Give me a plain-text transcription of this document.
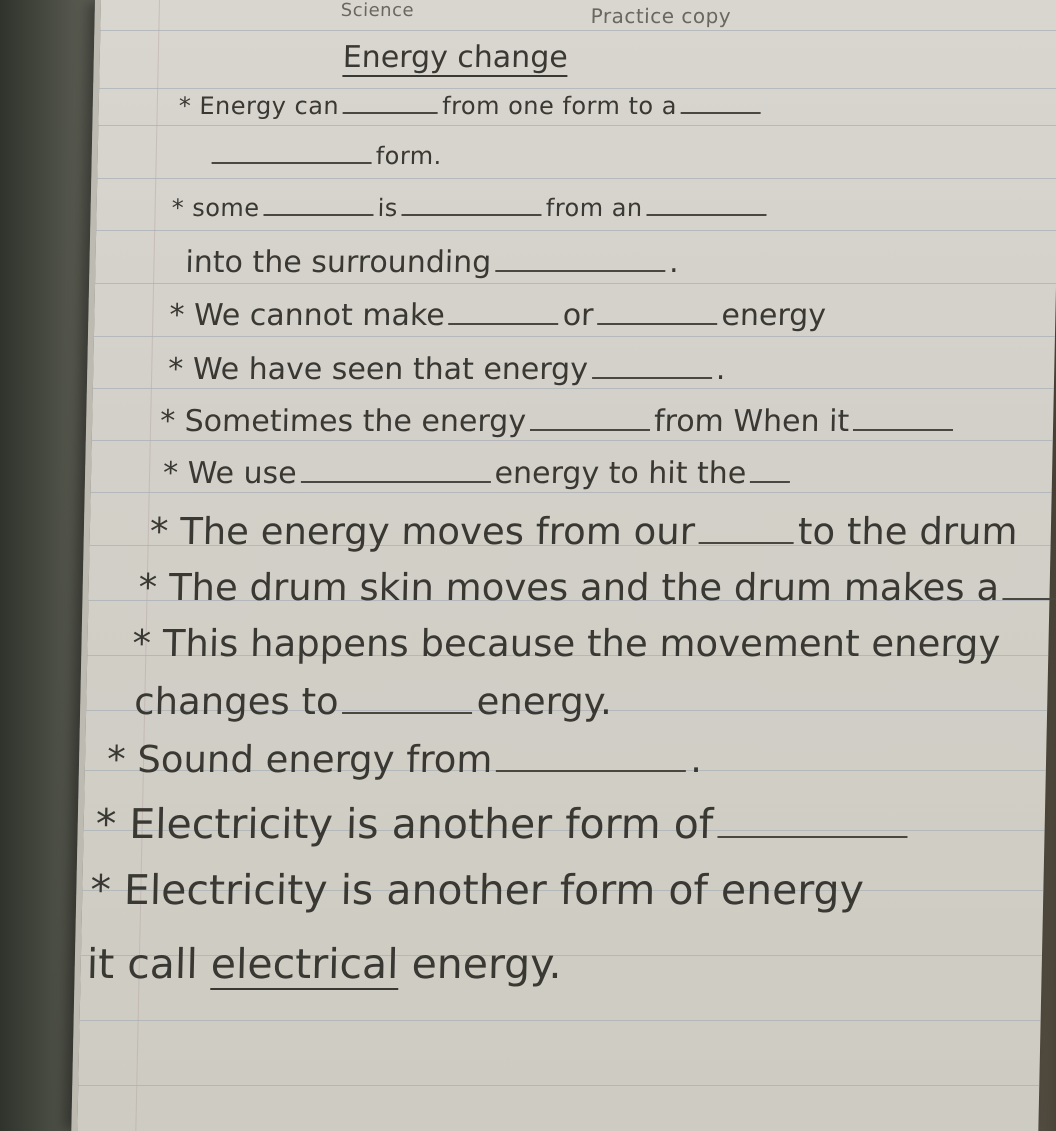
Science	Practice copy
Energy change
* Energy can	from one form to a
form.
* some	is	from an
into the surrounding	.
* We cannot make	or	energy
* We have seen that energy	.
* Sometimes the energy	from When it
* We use	energy to hit the
* The energy moves from our	to the drum
* The drum skin moves and the drum makes a
* This happens because the movement energy
changes to	energy.
* Sound energy from	.
* Electricity is another form of
* Electricity is another form of energy
it call electrical energy.
